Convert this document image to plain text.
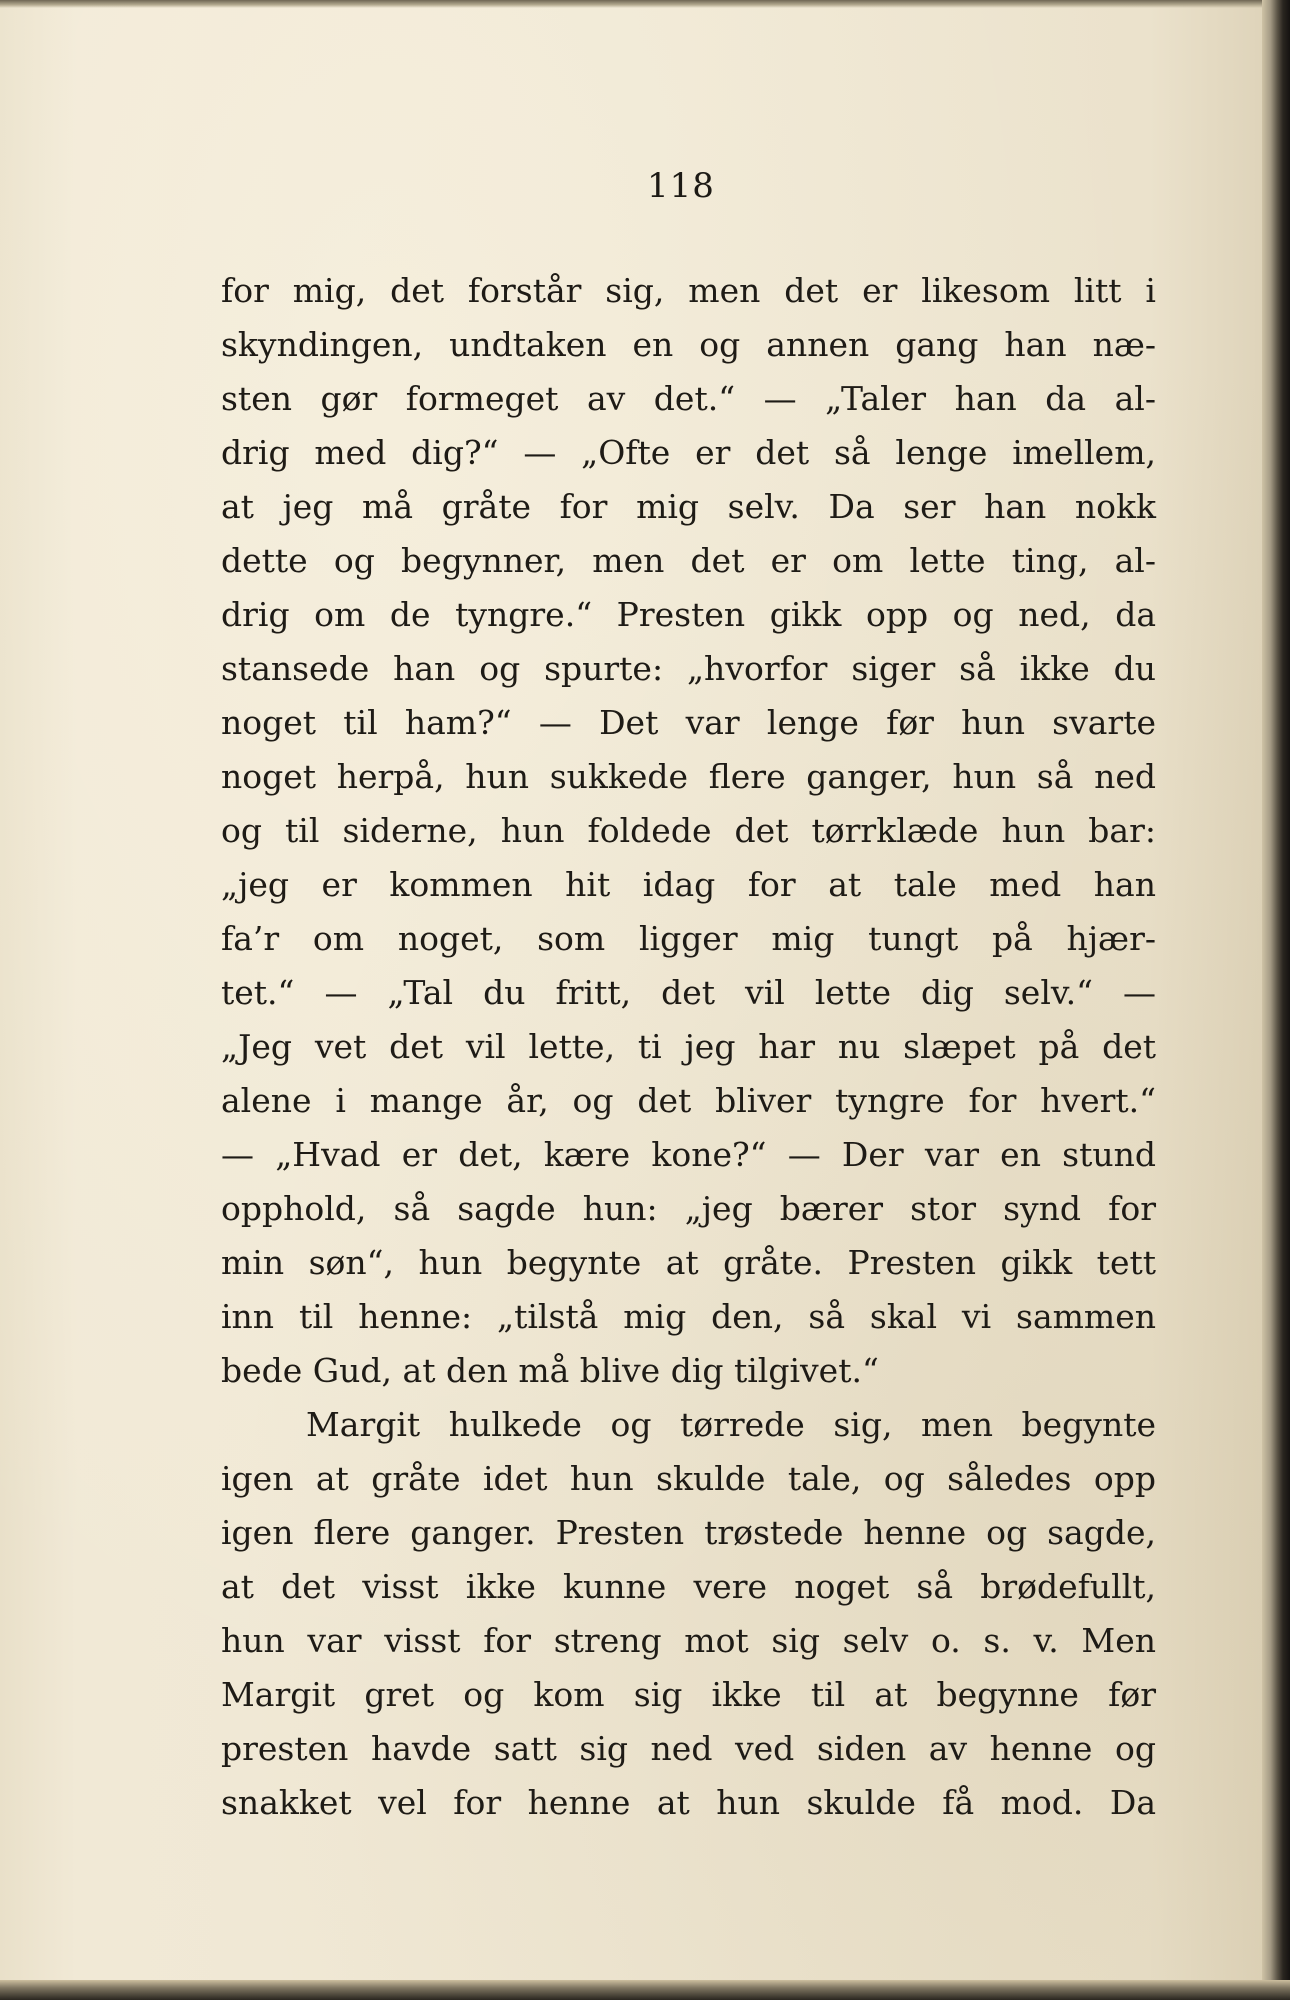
118
for mig, det forstår sig, men det er likesom litt i
skyndingen, undtaken en og annen gang han næ-
sten gør formeget av det.“ — „Taler han da al-
drig med dig?“ — „Ofte er det så lenge imellem,
at jeg må gråte for mig selv. Da ser han nokk
dette og begynner, men det er om lette ting, al-
drig om de tyngre.“ Presten gikk opp og ned, da
stansede han og spurte: „hvorfor siger så ikke du
noget til ham?“ — Det var lenge før hun svarte
noget herpå, hun sukkede flere ganger, hun så ned
og til siderne, hun foldede det tørrklæde hun bar:
„jeg er kommen hit idag for at tale med han
fa’r om noget, som ligger mig tungt på hjær-
tet.“ — „Tal du fritt, det vil lette dig selv.“ —
„Jeg vet det vil lette, ti jeg har nu slæpet på det
alene i mange år, og det bliver tyngre for hvert.“
— „Hvad er det, kære kone?“ — Der var en stund
opphold, så sagde hun: „jeg bærer stor synd for
min søn“, hun begynte at gråte. Presten gikk tett
inn til henne: „tilstå mig den, så skal vi sammen
bede Gud, at den må blive dig tilgivet.“
Margit hulkede og tørrede sig, men begynte
igen at gråte idet hun skulde tale, og således opp
igen flere ganger. Presten trøstede henne og sagde,
at det visst ikke kunne vere noget så brødefullt,
hun var visst for streng mot sig selv o. s. v. Men
Margit gret og kom sig ikke til at begynne før
presten havde satt sig ned ved siden av henne og
snakket vel for henne at hun skulde få mod. Da
